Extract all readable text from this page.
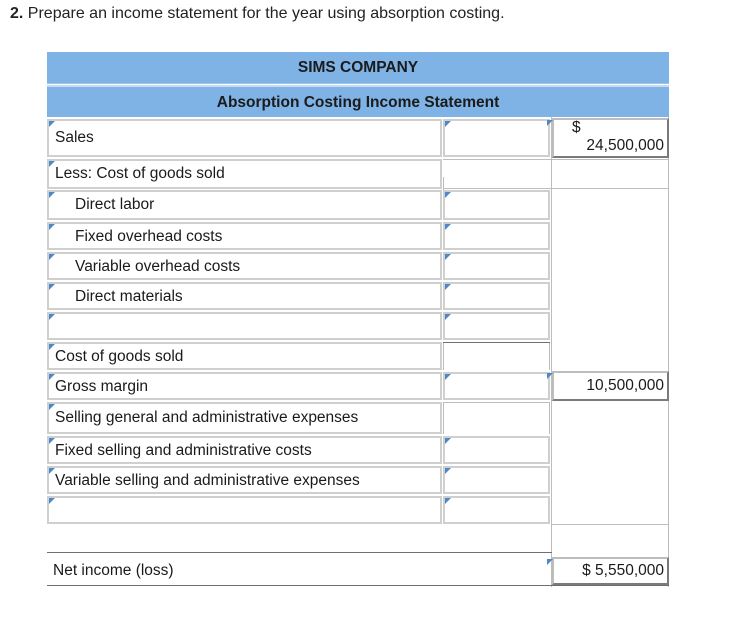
2. Prepare an income statement for the year using absorption costing.
SIMS COMPANY
Absorption Costing Income Statement
Sales
$
24,500,000
Less: Cost of goods sold
Direct labor
Fixed overhead costs
Variable overhead costs
Direct materials
Cost of goods sold
Gross margin	10,500,000
Selling general and administrative expenses
Fixed selling and administrative costs
Variable selling and administrative expenses
Net income (loss)	$ 5,550,000
